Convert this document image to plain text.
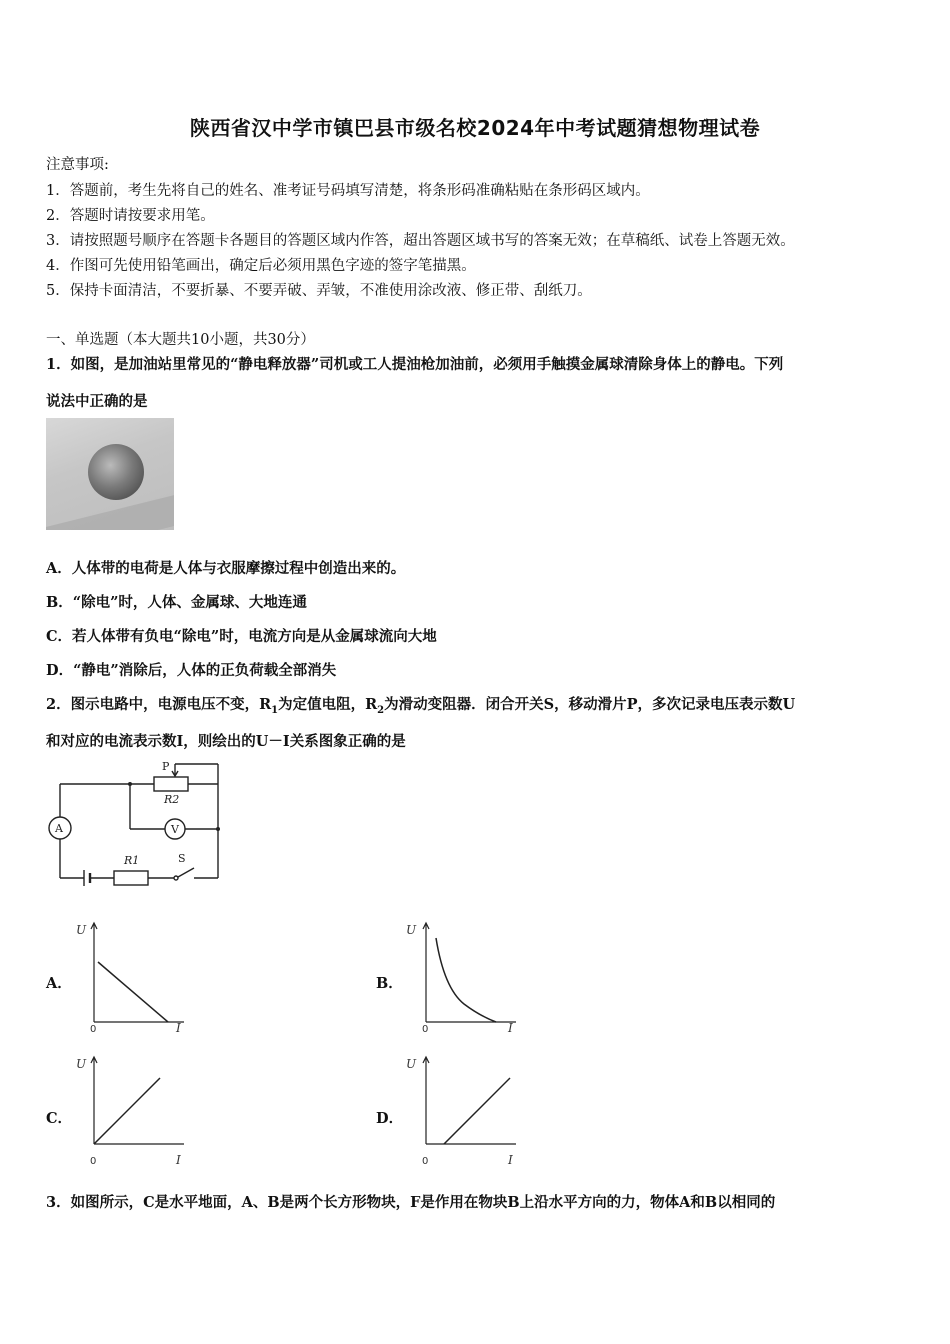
陕西省汉中学市镇巴县市级名校2024年中考试题猜想物理试卷
注意事项:
1．答题前，考生先将自己的姓名、准考证号码填写清楚，将条形码准确粘贴在条形码区域内。
2．答题时请按要求用笔。
3．请按照题号顺序在答题卡各题目的答题区域内作答，超出答题区域书写的答案无效；在草稿纸、试卷上答题无效。
4．作图可先使用铅笔画出，确定后必须用黑色字迹的签字笔描黑。
5．保持卡面清洁，不要折暴、不要弄破、弄皱，不准使用涂改液、修正带、刮纸刀。
一、单选题（本大题共10小题，共30分）
1．如图，是加油站里常见的“静电释放器”司机或工人提油枪加油前，必须用手触摸金属球清除身体上的静电。下列
说法中正确的是
A．人体带的电荷是人体与衣服摩擦过程中创造出来的。
B．“除电”时，人体、金属球、大地连通
C．若人体带有负电“除电”时，电流方向是从金属球流向大地
D．“静电”消除后，人体的正负荷载全部消失
2．图示电路中，电源电压不变，$R_1$为定值电阻，$R_2$为滑动变阻器．闭合开关S，移动滑片P，多次记录电压表示数U
和对应的电流表示数I，则绘出的U－I关系图象正确的是
P
R2
R1	S
A	V
A．
U
I
0
B．
U
I
0
C．
U
I
0
D．
U
I
0
3．如图所示，C是水平地面，A、B是两个长方形物块，F是作用在物块B上沿水平方向的力，物体A和B以相同的
